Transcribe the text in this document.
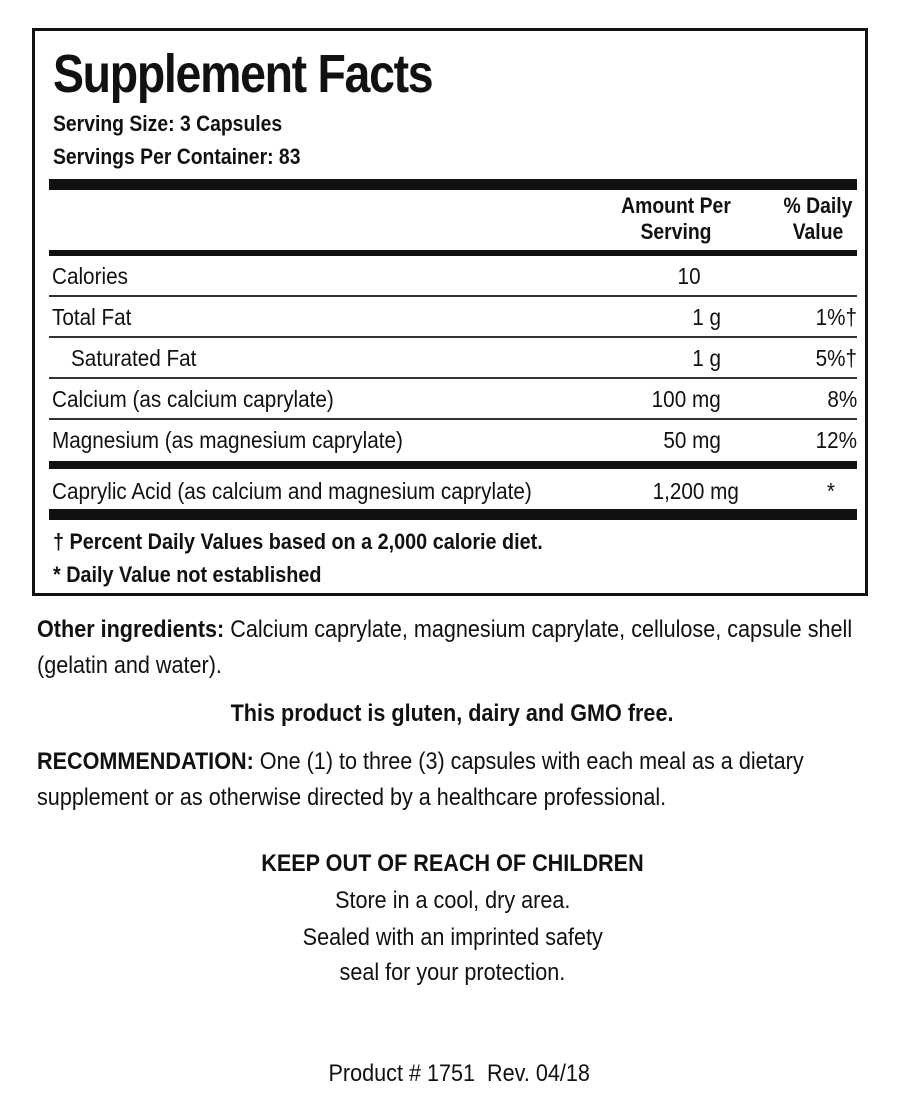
Supplement Facts
Serving Size: 3 Capsules
Servings Per Container: 83
Amount Per
Serving
% Daily
Value
Calories	10
Total Fat	1 g	1%†
Saturated Fat	1 g	5%†
Calcium (as calcium caprylate)	100 mg	8%
Magnesium (as magnesium caprylate)	50 mg	12%
Caprylic Acid (as calcium and magnesium caprylate)	1,200 mg	*
† Percent Daily Values based on a 2,000 calorie diet.
* Daily Value not established
Other ingredients: Calcium caprylate, magnesium caprylate, cellulose, capsule shell (gelatin and water).
This product is gluten, dairy and GMO free.
RECOMMENDATION: One (1) to three (3) capsules with each meal as a dietary supplement or as otherwise directed by a healthcare professional.
KEEP OUT OF REACH OF CHILDREN
Store in a cool, dry area.
Sealed with an imprinted safety
seal for your protection.

Product # 1751  Rev. 04/18
